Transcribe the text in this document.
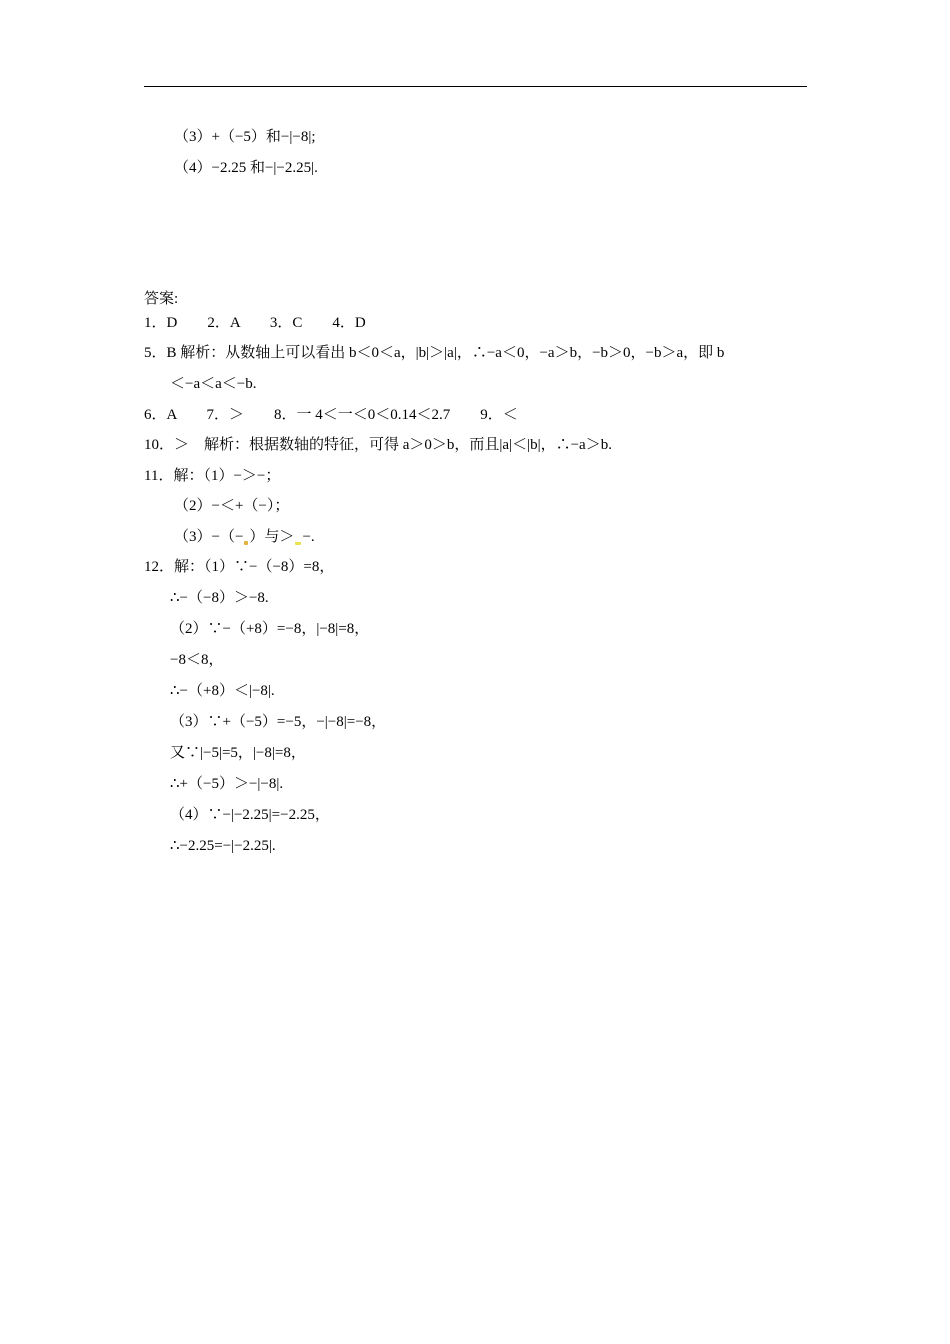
（3）+（−5）和−|−8|;
（4）−2.25 和−|−2.25|.
答案:
1．D　　2．A　　3．C　　4．D
5．B 解析：从数轴上可以看出 b＜0＜a，|b|＞|a|，∴−a＜0，−a＞b，−b＞0，−b＞a，即 b
＜−a＜a＜−b.
6．A　　7．＞　　8．一 4＜一＜0＜0.14＜2.7　　9．＜
10．＞　解析：根据数轴的特征，可得 a＞0＞b，而且|a|＜|b|，∴−a＞b.
11．解：（1）−＞−；
（2）−＜+（−）；
（3）−（− ）与＞ −.
12．解：（1）∵−（−8）=8，
∴−（−8）＞−8.
（2）∵−（+8）=−8，|−8|=8，
−8＜8，
∴−（+8）＜|−8|.
（3）∵+（−5）=−5，−|−8|=−8，
又∵|−5|=5，|−8|=8，
∴+（−5）＞−|−8|.
（4）∵−|−2.25|=−2.25，
∴−2.25=−|−2.25|.
